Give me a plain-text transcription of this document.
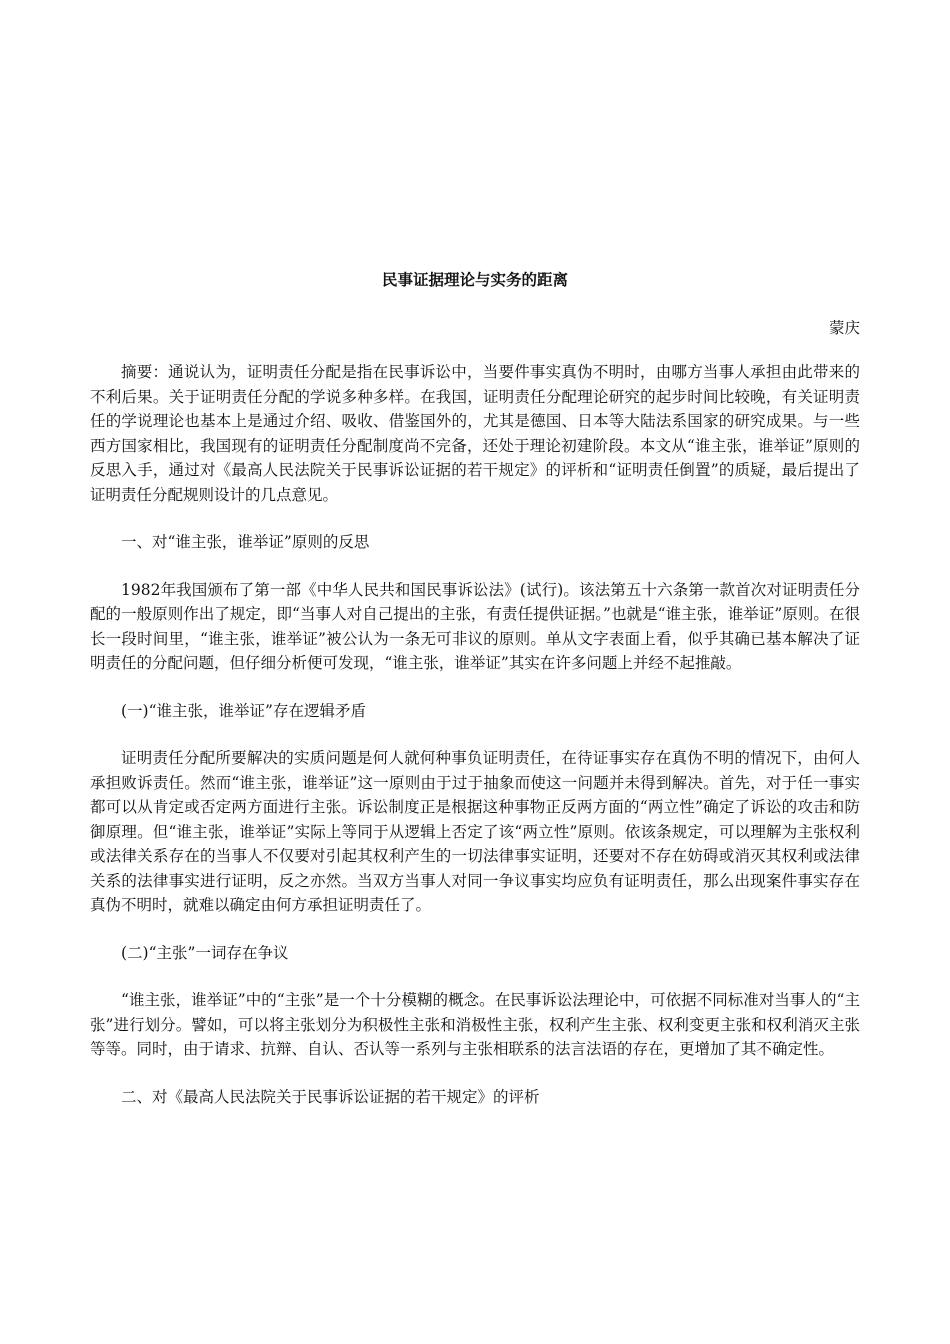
民事证据理论与实务的距离

蒙庆

摘要：通说认为，证明责任分配是指在民事诉讼中，当要件事实真伪不明时，由哪方当事人承担由此带来的不利后果。关于证明责任分配的学说多种多样。在我国，证明责任分配理论研究的起步时间比较晚，有关证明责任的学说理论也基本上是通过介绍、吸收、借鉴国外的，尤其是德国、日本等大陆法系国家的研究成果。与一些西方国家相比，我国现有的证明责任分配制度尚不完备，还处于理论初建阶段。本文从“谁主张，谁举证”原则的反思入手，通过对《最高人民法院关于民事诉讼证据的若干规定》的评析和“证明责任倒置”的质疑，最后提出了证明责任分配规则设计的几点意见。

一、对“谁主张，谁举证”原则的反思

1982年我国颁布了第一部《中华人民共和国民事诉讼法》(试行)。该法第五十六条第一款首次对证明责任分配的一般原则作出了规定，即“当事人对自己提出的主张，有责任提供证据。”也就是“谁主张，谁举证”原则。在很长一段时间里，“谁主张，谁举证”被公认为一条无可非议的原则。单从文字表面上看，似乎其确已基本解决了证明责任的分配问题，但仔细分析便可发现，“谁主张，谁举证”其实在许多问题上并经不起推敲。

(一)“谁主张，谁举证”存在逻辑矛盾

证明责任分配所要解决的实质问题是何人就何种事负证明责任，在待证事实存在真伪不明的情况下，由何人承担败诉责任。然而“谁主张，谁举证”这一原则由于过于抽象而使这一问题并未得到解决。首先，对于任一事实都可以从肯定或否定两方面进行主张。诉讼制度正是根据这种事物正反两方面的“两立性”确定了诉讼的攻击和防御原理。但“谁主张，谁举证”实际上等同于从逻辑上否定了该“两立性”原则。依该条规定，可以理解为主张权利或法律关系存在的当事人不仅要对引起其权利产生的一切法律事实证明，还要对不存在妨碍或消灭其权利或法律关系的法律事实进行证明，反之亦然。当双方当事人对同一争议事实均应负有证明责任，那么出现案件事实存在真伪不明时，就难以确定由何方承担证明责任了。

(二)“主张”一词存在争议

“谁主张，谁举证”中的“主张”是一个十分模糊的概念。在民事诉讼法理论中，可依据不同标准对当事人的“主张”进行划分。譬如，可以将主张划分为积极性主张和消极性主张，权利产生主张、权利变更主张和权利消灭主张等等。同时，由于请求、抗辩、自认、否认等一系列与主张相联系的法言法语的存在，更增加了其不确定性。

二、对《最高人民法院关于民事诉讼证据的若干规定》的评析
